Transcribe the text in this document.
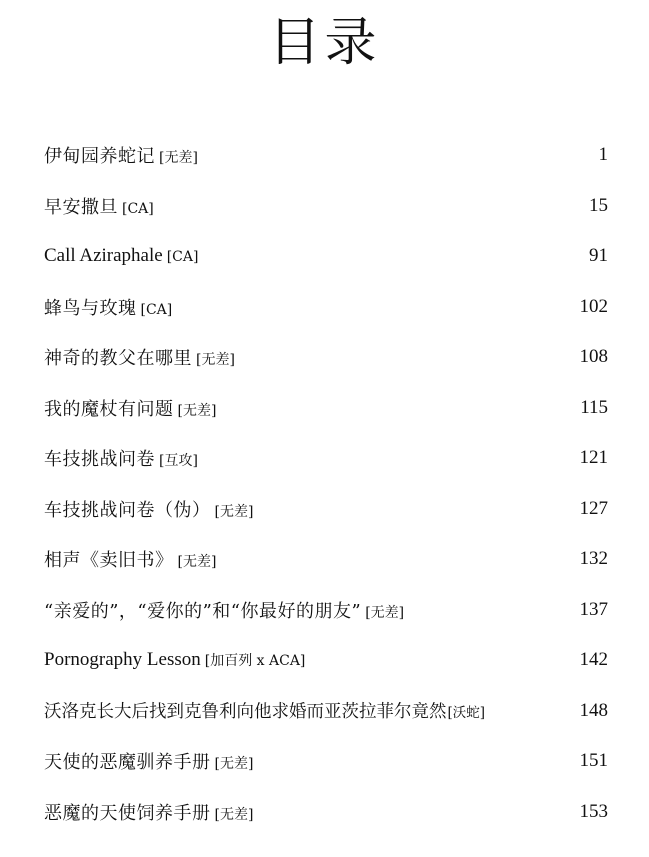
目录
伊甸园养蛇记 [无差]	1
早安撒旦 [CA]	15
Call Aziraphale [CA]	91
蜂鸟与玫瑰 [CA]	102
神奇的教父在哪里 [无差]	108
我的魔杖有问题 [无差]	115
车技挑战问卷 [互攻]	121
车技挑战问卷（伪） [无差]	127
相声《卖旧书》 [无差]	132
“亲爱的”，“爱你的”和“你最好的朋友” [无差]	137
Pornography Lesson [加百列 x ACA]	142
沃洛克长大后找到克鲁利向他求婚而亚茨拉菲尔竟然 [沃蛇]	148
天使的恶魔驯养手册 [无差]	151
恶魔的天使饲养手册 [无差]	153
